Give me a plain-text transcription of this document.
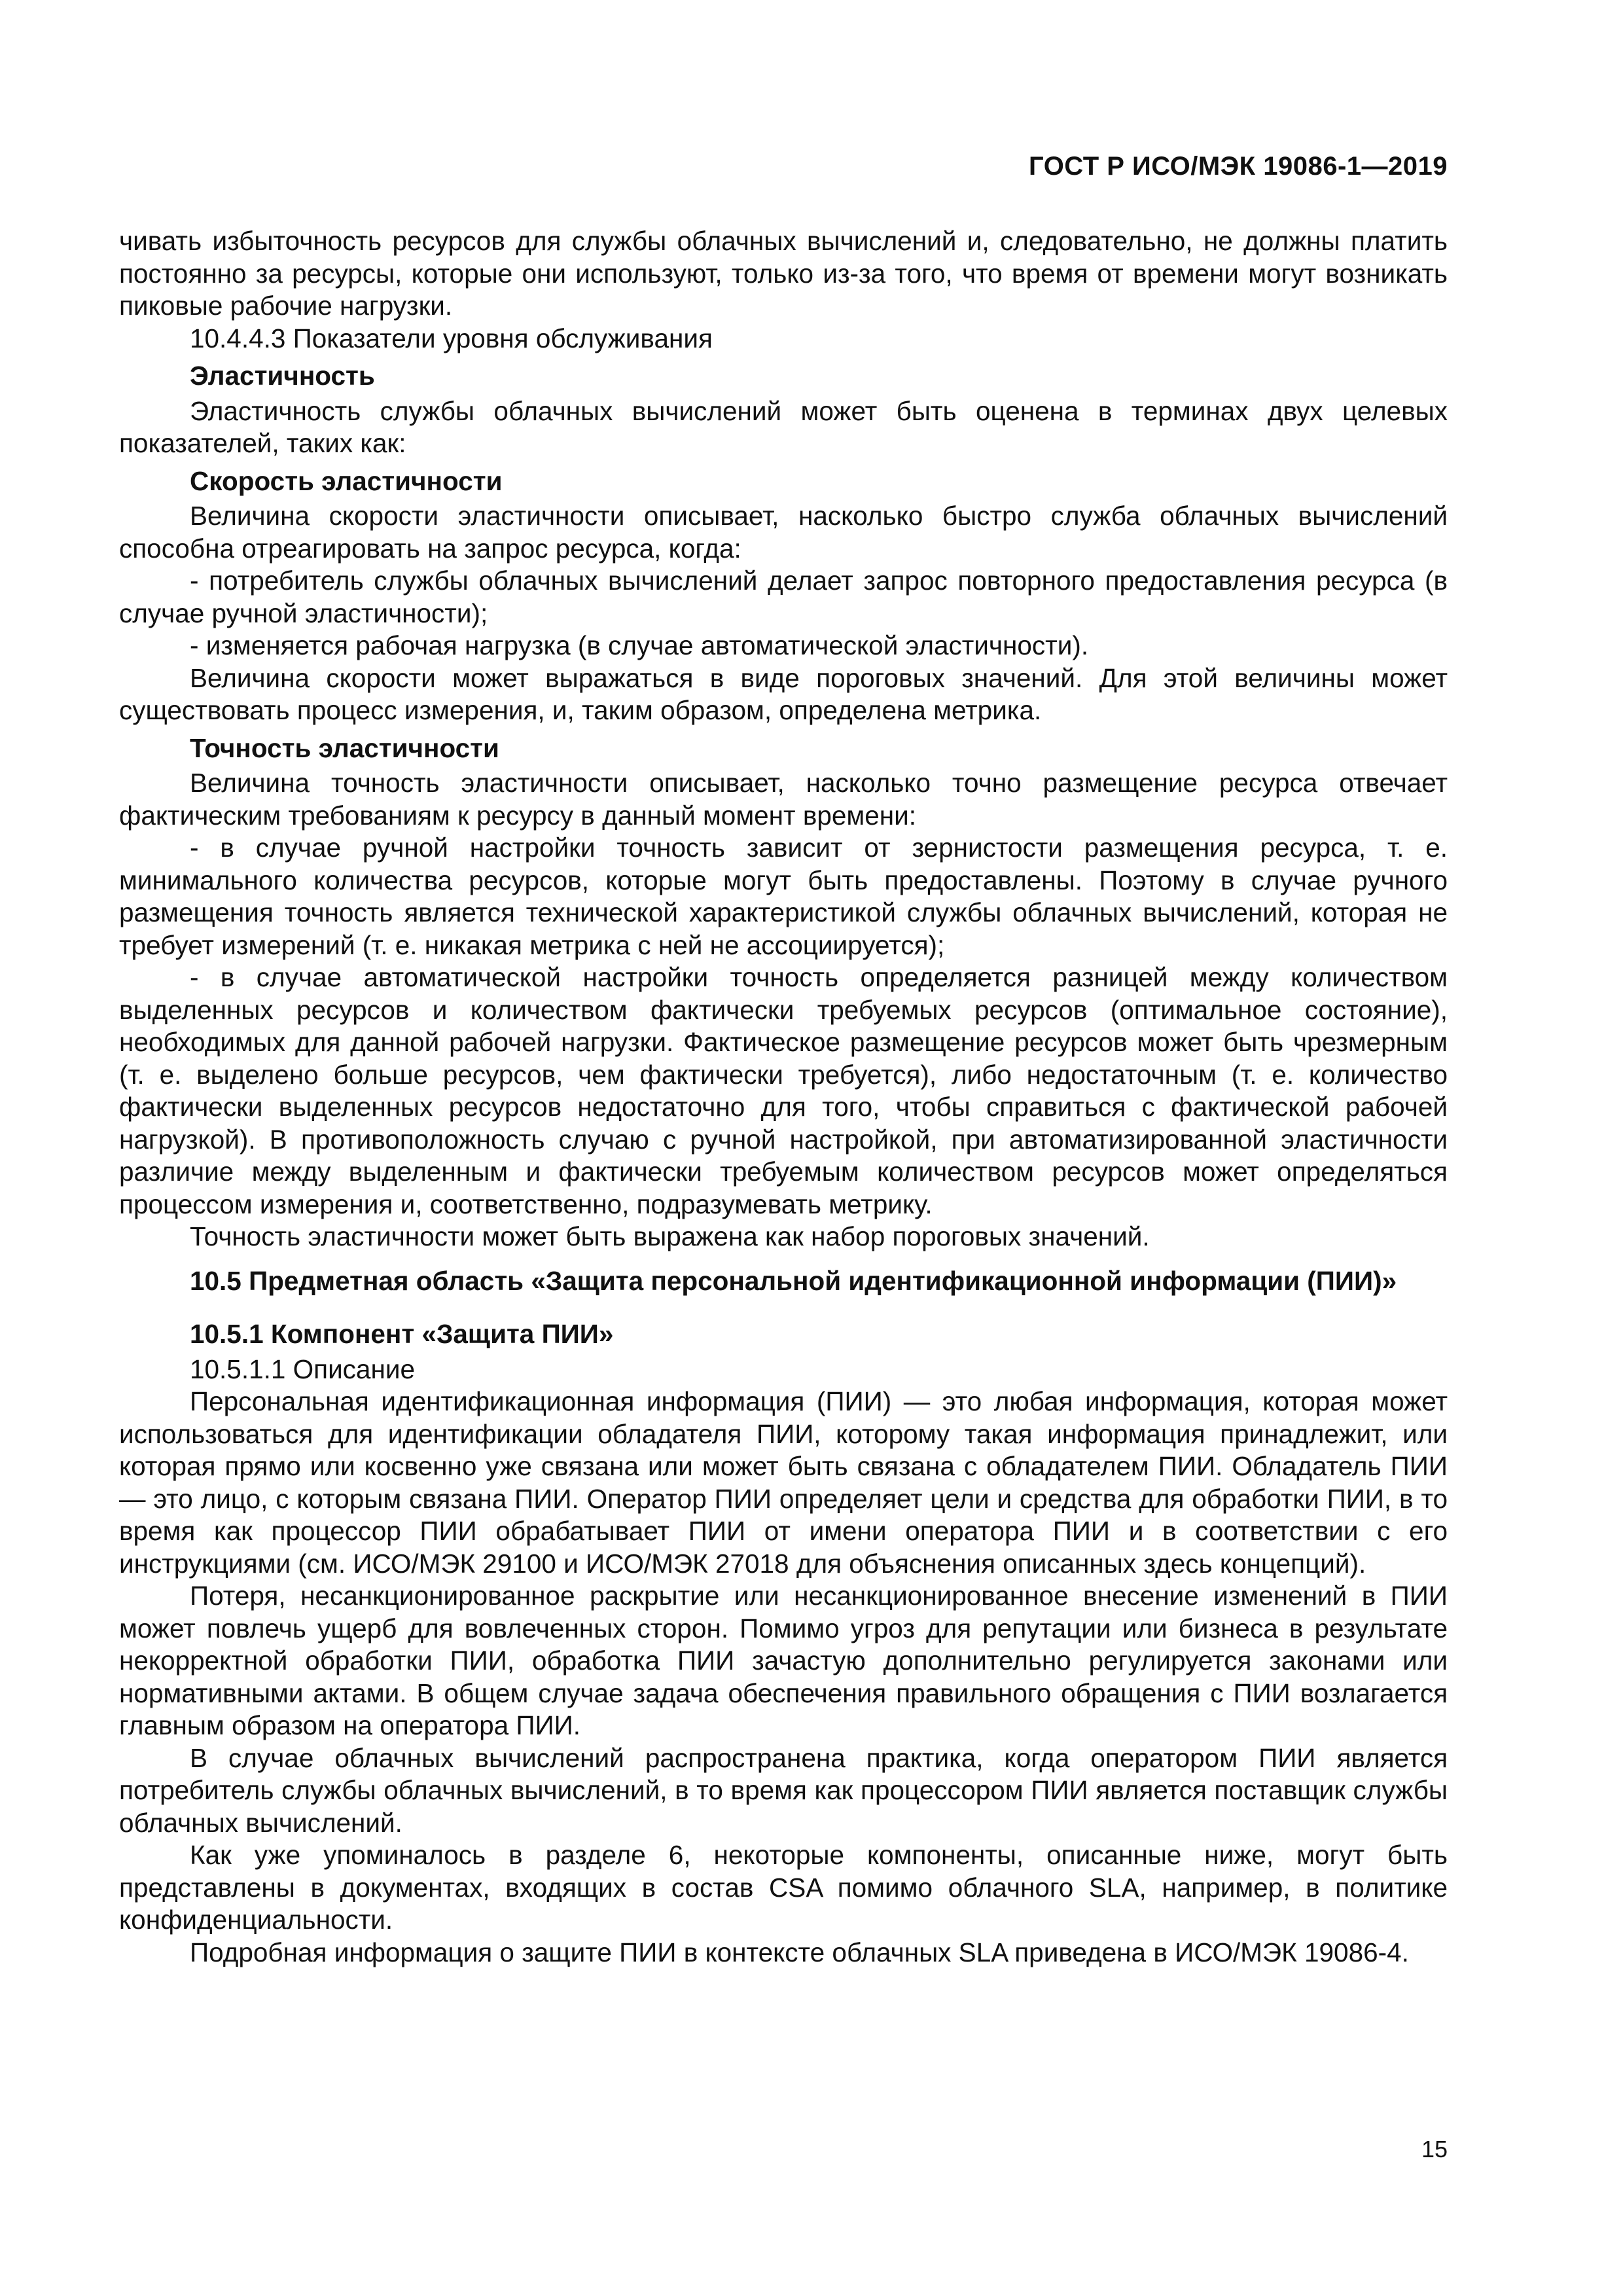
ГОСТ Р ИСО/МЭК 19086-1—2019

чивать избыточность ресурсов для службы облачных вычислений и, следовательно, не должны платить постоянно за ресурсы, которые они используют, только из-за того, что время от времени могут возникать пиковые рабочие нагрузки.

10.4.4.3 Показатели уровня обслуживания

Эластичность

Эластичность службы облачных вычислений может быть оценена в терминах двух целевых показателей, таких как:

Скорость эластичности

Величина скорости эластичности описывает, насколько быстро служба облачных вычислений способна отреагировать на запрос ресурса, когда:

- потребитель службы облачных вычислений делает запрос повторного предоставления ресурса (в случае ручной эластичности);

- изменяется рабочая нагрузка (в случае автоматической эластичности).

Величина скорости может выражаться в виде пороговых значений. Для этой величины может существовать процесс измерения, и, таким образом, определена метрика.

Точность эластичности

Величина точность эластичности описывает, насколько точно размещение ресурса отвечает фактическим требованиям к ресурсу в данный момент времени:

- в случае ручной настройки точность зависит от зернистости размещения ресурса, т. е. минимального количества ресурсов, которые могут быть предоставлены. Поэтому в случае ручного размещения точность является технической характеристикой службы облачных вычислений, которая не требует измерений (т. е. никакая метрика с ней не ассоциируется);

- в случае автоматической настройки точность определяется разницей между количеством выделенных ресурсов и количеством фактически требуемых ресурсов (оптимальное состояние), необходимых для данной рабочей нагрузки. Фактическое размещение ресурсов может быть чрезмерным (т. е. выделено больше ресурсов, чем фактически требуется), либо недостаточным (т. е. количество фактически выделенных ресурсов недостаточно для того, чтобы справиться с фактической рабочей нагрузкой). В противоположность случаю с ручной настройкой, при автоматизированной эластичности различие между выделенным и фактически требуемым количеством ресурсов может определяться процессом измерения и, соответственно, подразумевать метрику.

Точность эластичности может быть выражена как набор пороговых значений.

10.5 Предметная область «Защита персональной идентификационной информации (ПИИ)»

10.5.1 Компонент «Защита ПИИ»

10.5.1.1 Описание

Персональная идентификационная информация (ПИИ) — это любая информация, которая может использоваться для идентификации обладателя ПИИ, которому такая информация принадлежит, или которая прямо или косвенно уже связана или может быть связана с обладателем ПИИ. Обладатель ПИИ — это лицо, с которым связана ПИИ. Оператор ПИИ определяет цели и средства для обработки ПИИ, в то время как процессор ПИИ обрабатывает ПИИ от имени оператора ПИИ и в соответствии с его инструкциями (см. ИСО/МЭК 29100 и ИСО/МЭК 27018 для объяснения описанных здесь концепций).

Потеря, несанкционированное раскрытие или несанкционированное внесение изменений в ПИИ может повлечь ущерб для вовлеченных сторон. Помимо угроз для репутации или бизнеса в результате некорректной обработки ПИИ, обработка ПИИ зачастую дополнительно регулируется законами или нормативными актами. В общем случае задача обеспечения правильного обращения с ПИИ возлагается главным образом на оператора ПИИ.

В случае облачных вычислений распространена практика, когда оператором ПИИ является потребитель службы облачных вычислений, в то время как процессором ПИИ является поставщик службы облачных вычислений.

Как уже упоминалось в разделе 6, некоторые компоненты, описанные ниже, могут быть представлены в документах, входящих в состав CSA помимо облачного SLA, например, в политике конфиденциальности.

Подробная информация о защите ПИИ в контексте облачных SLA приведена в ИСО/МЭК 19086-4.

15
